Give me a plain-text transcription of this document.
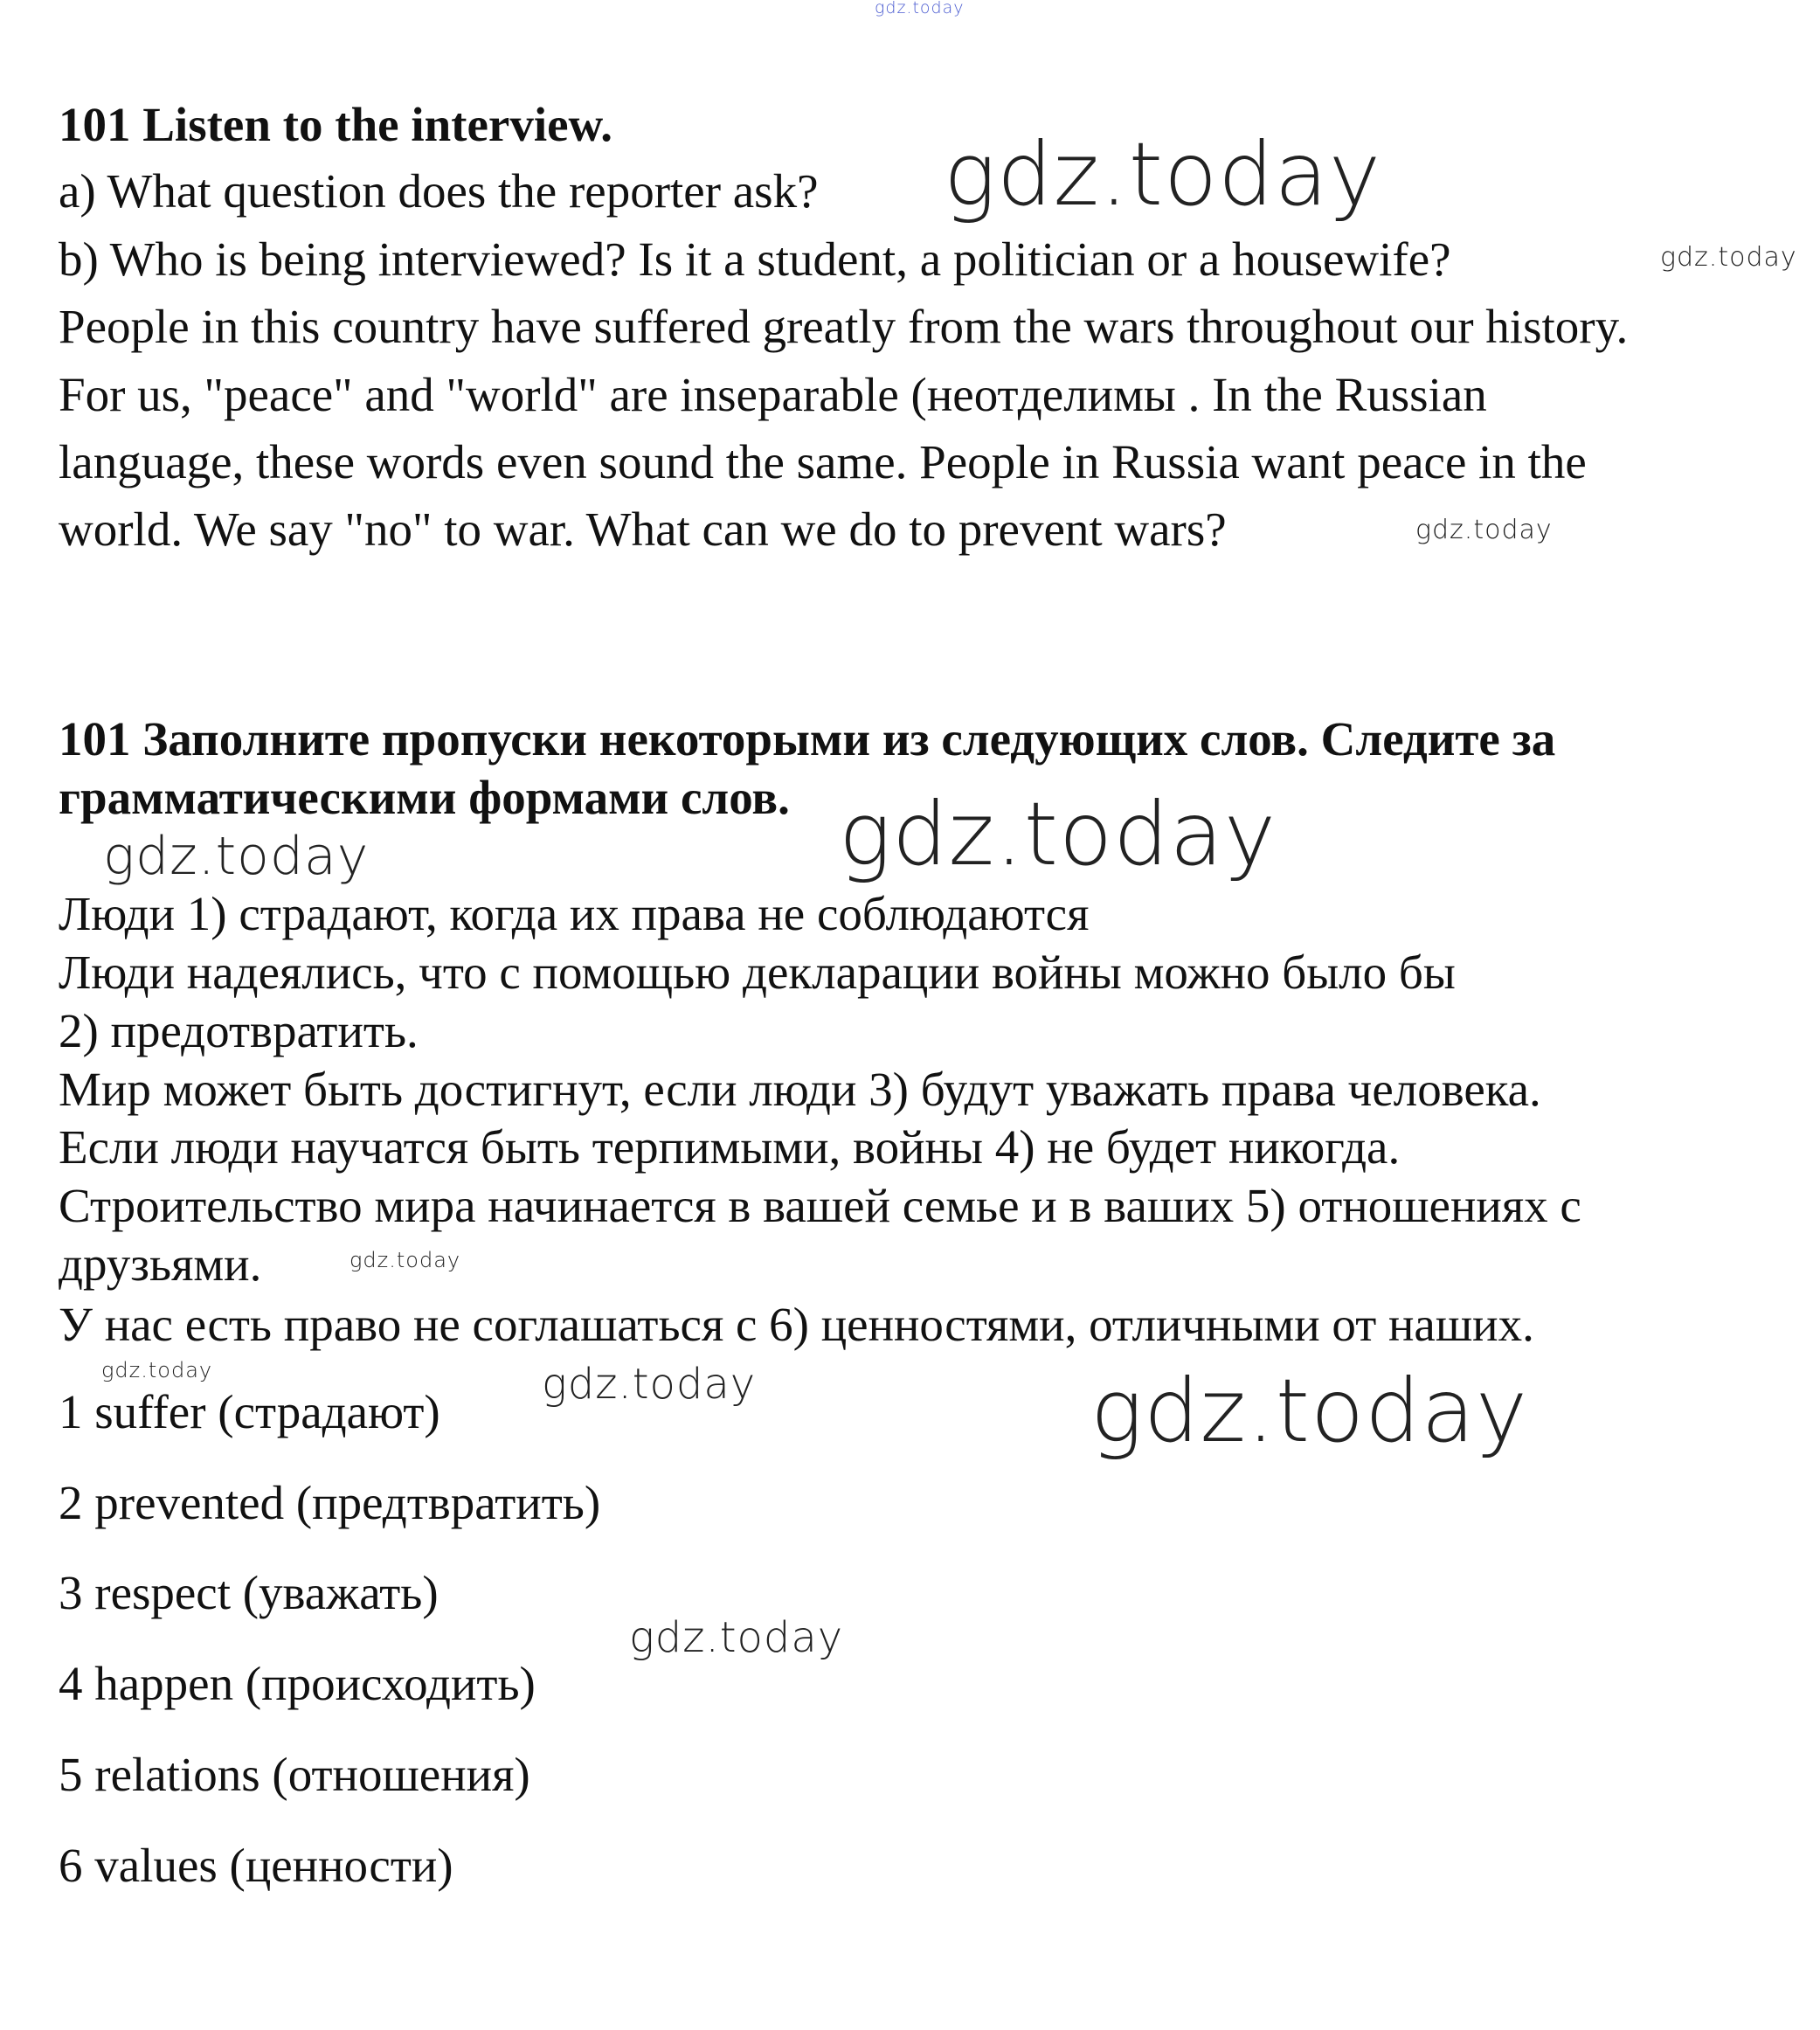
gdz.today
101 Listen to the interview.
a) What question does the reporter ask?
b) Who is being interviewed? Is it a student, a politician or a housewife?
People in this country have suffered greatly from the wars throughout our history.
For us, "peace" and "world" are inseparable (неотделимы . In the Russian
language, these words even sound the same. People in Russia want peace in the
world. We say "no" to war. What can we do to prevent wars?
101 Заполните пропуски некоторыми из следующих слов. Следите за
грамматическими формами слов.
Люди 1) страдают, когда их права не соблюдаются
Люди надеялись, что с помощью декларации войны можно было бы
2) предотвратить.
Мир может быть достигнут, если люди 3) будут уважать права человека.
Если люди научатся быть терпимыми, войны 4) не будет никогда.
Строительство мира начинается в вашей семье и в ваших 5) отношениях с
друзьями.
У нас есть право не соглашаться с 6) ценностями, отличными от наших.
1 suffer (страдают)
2 prevented (предтвратить)
3 respect (уважать)
4 happen (происходить)
5 relations (отношения)
6 values (ценности)
gdz.today
gdz.today
gdz.today
gdz.today
gdz.today
gdz.today
gdz.today
gdz.today	gdz.today
gdz.today
